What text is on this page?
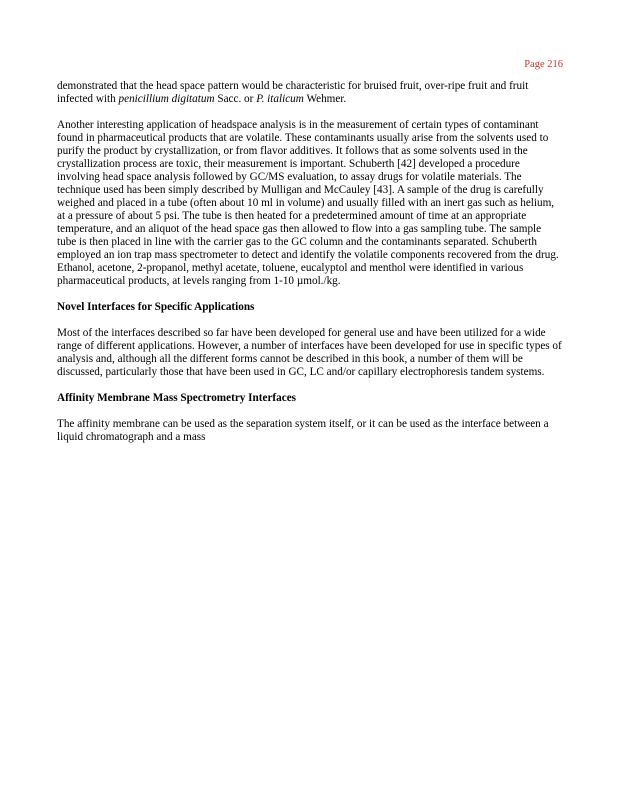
Page 216

demonstrated that the head space pattern would be characteristic for bruised fruit, over-ripe fruit and fruit infected with penicillium digitatum Sacc. or P. italicum Wehmer.

Another interesting application of headspace analysis is in the measurement of certain types of contaminant found in pharmaceutical products that are volatile. These contaminants usually arise from the solvents used to purify the product by crystallization, or from flavor additives. It follows that as some solvents used in the crystallization process are toxic, their measurement is important. Schuberth [42] developed a procedure involving head space analysis followed by GC/MS evaluation, to assay drugs for volatile materials. The technique used has been simply described by Mulligan and McCauley [43]. A sample of the drug is carefully weighed and placed in a tube (often about 10 ml in volume) and usually filled with an inert gas such as helium, at a pressure of about 5 psi. The tube is then heated for a predetermined amount of time at an appropriate temperature, and an aliquot of the head space gas then allowed to flow into a gas sampling tube. The sample tube is then placed in line with the carrier gas to the GC column and the contaminants separated. Schuberth employed an ion trap mass spectrometer to detect and identify the volatile components recovered from the drug. Ethanol, acetone, 2-propanol, methyl acetate, toluene, eucalyptol and menthol were identified in various pharmaceutical products, at levels ranging from 1-10 µmol./kg.

Novel Interfaces for Specific Applications

Most of the interfaces described so far have been developed for general use and have been utilized for a wide range of different applications. However, a number of interfaces have been developed for use in specific types of analysis and, although all the different forms cannot be described in this book, a number of them will be discussed, particularly those that have been used in GC, LC and/or capillary electrophoresis tandem systems.

Affinity Membrane Mass Spectrometry Interfaces

The affinity membrane can be used as the separation system itself, or it can be used as the interface between a liquid chromatograph and a mass
